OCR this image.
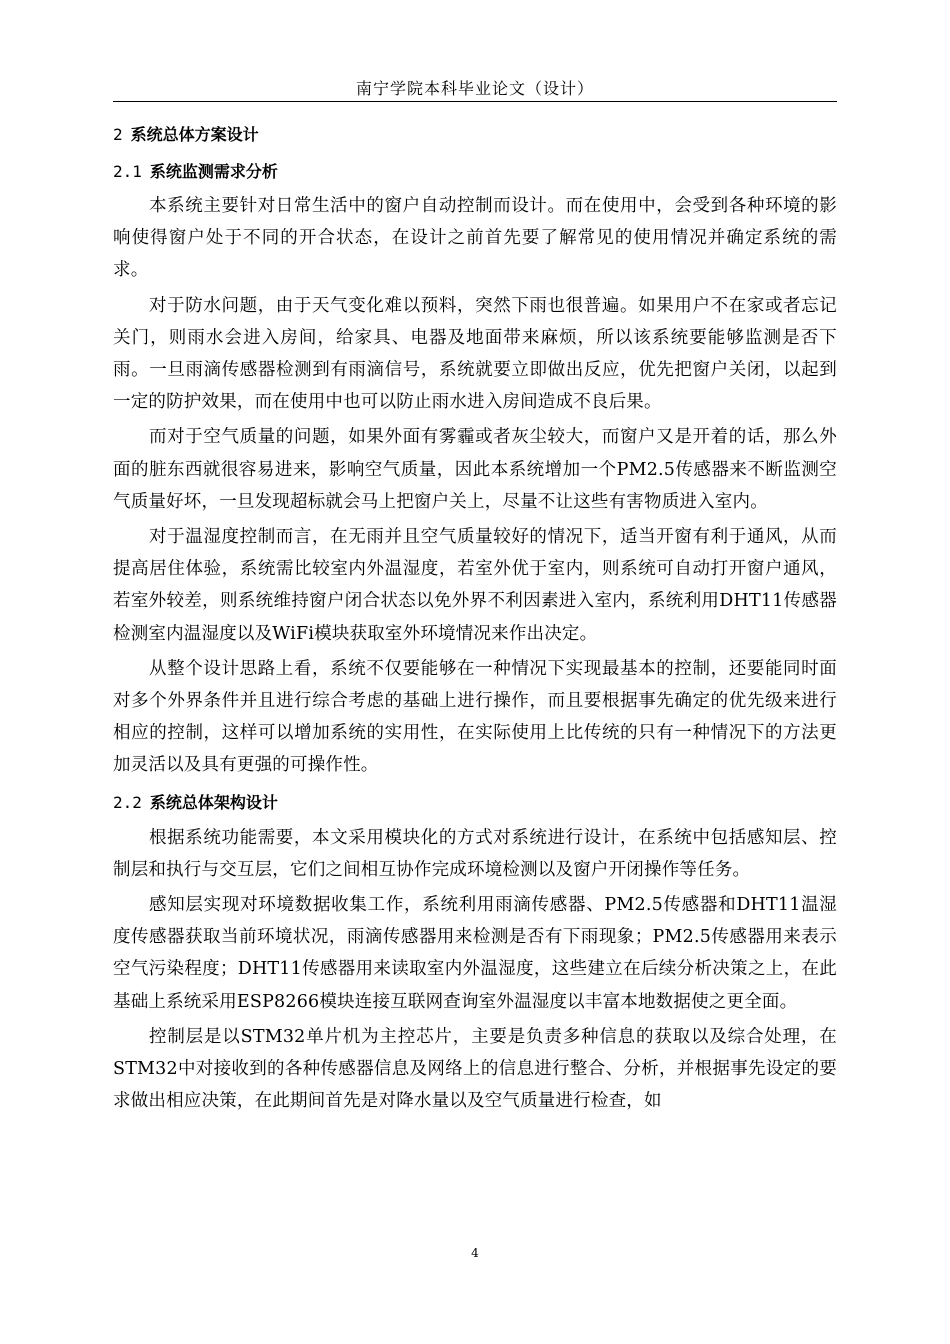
南宁学院本科毕业论文（设计）
2 系统总体方案设计
2.1 系统监测需求分析

本系统主要针对日常生活中的窗户自动控制而设计。而在使用中，会受到各种环境的影响使得窗户处于不同的开合状态，在设计之前首先要了解常见的使用情况并确定系统的需求。

对于防水问题，由于天气变化难以预料，突然下雨也很普遍。如果用户不在家或者忘记关门，则雨水会进入房间，给家具、电器及地面带来麻烦，所以该系统要能够监测是否下雨。一旦雨滴传感器检测到有雨滴信号，系统就要立即做出反应，优先把窗户关闭，以起到一定的防护效果，而在使用中也可以防止雨水进入房间造成不良后果。

而对于空气质量的问题，如果外面有雾霾或者灰尘较大，而窗户又是开着的话，那么外面的脏东西就很容易进来，影响空气质量，因此本系统增加一个PM2.5传感器来不断监测空气质量好坏，一旦发现超标就会马上把窗户关上，尽量不让这些有害物质进入室内。

对于温湿度控制而言，在无雨并且空气质量较好的情况下，适当开窗有利于通风，从而提高居住体验，系统需比较室内外温湿度，若室外优于室内，则系统可自动打开窗户通风，若室外较差，则系统维持窗户闭合状态以免外界不利因素进入室内，系统利用DHT11传感器检测室内温湿度以及WiFi模块获取室外环境情况来作出决定。

从整个设计思路上看，系统不仅要能够在一种情况下实现最基本的控制，还要能同时面对多个外界条件并且进行综合考虑的基础上进行操作，而且要根据事先确定的优先级来进行相应的控制，这样可以增加系统的实用性，在实际使用上比传统的只有一种情况下的方法更加灵活以及具有更强的可操作性。

2.2 系统总体架构设计

根据系统功能需要，本文采用模块化的方式对系统进行设计，在系统中包括感知层、控制层和执行与交互层，它们之间相互协作完成环境检测以及窗户开闭操作等任务。

感知层实现对环境数据收集工作，系统利用雨滴传感器、PM2.5传感器和DHT11温湿度传感器获取当前环境状况，雨滴传感器用来检测是否有下雨现象；PM2.5传感器用来表示空气污染程度；DHT11传感器用来读取室内外温湿度，这些建立在后续分析决策之上，在此基础上系统采用ESP8266模块连接互联网查询室外温湿度以丰富本地数据使之更全面。

控制层是以STM32单片机为主控芯片，主要是负责多种信息的获取以及综合处理，在STM32中对接收到的各种传感器信息及网络上的信息进行整合、分析，并根据事先设定的要求做出相应决策，在此期间首先是对降水量以及空气质量进行检查，如

4
